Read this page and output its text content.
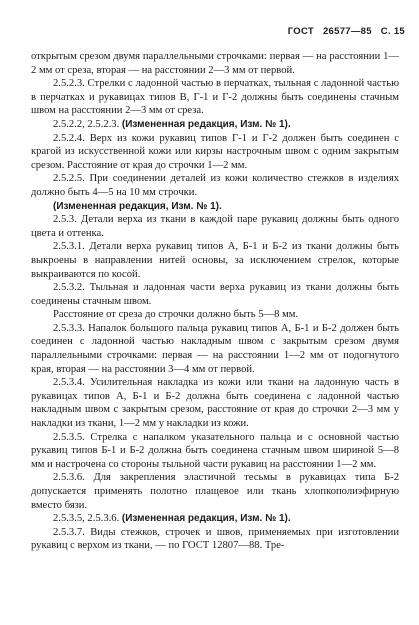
ГОСТ 26577—85 С. 15

открытым срезом двумя параллельными строчками: первая — на расстоянии 1—2 мм от среза, вторая — на расстоянии 2—3 мм от первой.

2.5.2.3. Стрелки с ладонной частью в перчатках, тыльная с ладонной частью в перчатках и рукавицах типов В, Г-1 и Г-2 должны быть соединены стачным швом на расстоянии 2—3 мм от среза.

2.5.2.2, 2.5.2.3. (Измененная редакция, Изм. № 1).

2.5.2.4. Верх из кожи рукавиц типов Г-1 и Г-2 должен быть соединен с крагой из искусственной кожи или кирзы настрочным швом с одним закрытым срезом. Расстояние от края до строчки 1—2 мм.

2.5.2.5. При соединении деталей из кожи количество стежков в изделиях должно быть 4—5 на 10 мм строчки.

(Измененная редакция, Изм. № 1).

2.5.3. Детали верха из ткани в каждой паре рукавиц должны быть одного цвета и оттенка.

2.5.3.1. Детали верха рукавиц типов А, Б-1 и Б-2 из ткани должны быть выкроены в направлении нитей основы, за исключением стрелок, которые выкраиваются по косой.

2.5.3.2. Тыльная и ладонная части верха рукавиц из ткани должны быть соединены стачным швом.

Расстояние от среза до строчки должно быть 5—8 мм.

2.5.3.3. Напалок большого пальца рукавиц типов А, Б-1 и Б-2 должен быть соединен с ладонной частью накладным швом с закрытым срезом двумя параллельными строчками: первая — на расстоянии 1—2 мм от подогнутого края, вторая — на расстоянии 3—4 мм от первой.

2.5.3.4. Усилительная накладка из кожи или ткани на ладонную часть в рукавицах типов А, Б-1 и Б-2 должна быть соединена с ладонной частью накладным швом с закрытым срезом, расстояние от края до строчки 2—3 мм у накладки из ткани, 1—2 мм у накладки из кожи.

2.5.3.5. Стрелка с напалком указательного пальца и с основной частью рукавиц типов Б-1 и Б-2 должна быть соединена стачным швом шириной 5—8 мм и настрочена со стороны тыльной части рукавиц на расстоянии 1—2 мм.

2.5.3.6. Для закрепления эластичной тесьмы в рукавицах типа Б-2 допускается применять полотно плащевое или ткань хлопкополиэфирную вместо бязи.

2.5.3.5, 2.5.3.6. (Измененная редакция, Изм. № 1).

2.5.3.7. Виды стежков, строчек и швов, применяемых при изготовлении рукавиц с верхом из ткани, — по ГОСТ 12807—88. Тре-
